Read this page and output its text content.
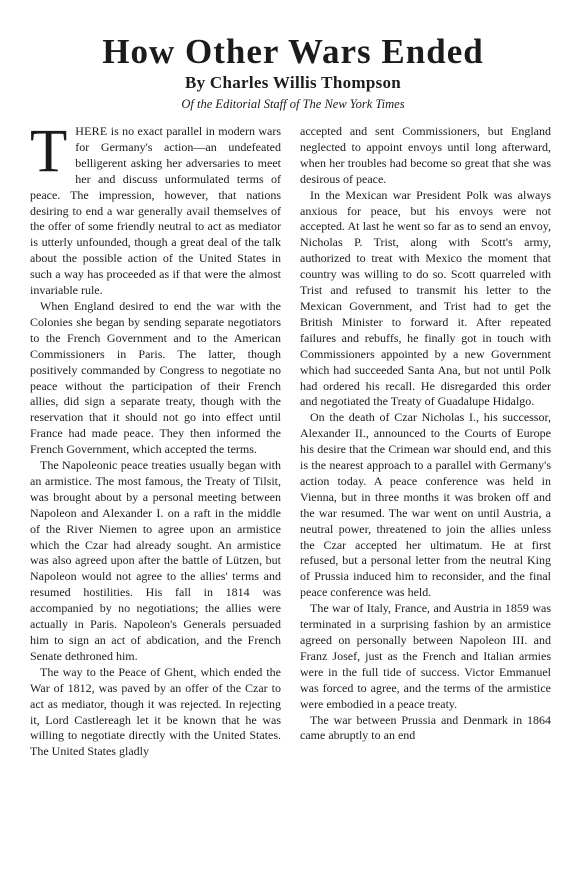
How Other Wars Ended
By Charles Willis Thompson
Of the Editorial Staff of The New York Times

THERE is no exact parallel in modern wars for Germany's action—an undefeated belligerent asking her adversaries to meet her and discuss unformulated terms of peace. The impression, however, that nations desiring to end a war generally avail themselves of the offer of some friendly neutral to act as mediator is utterly unfounded, though a great deal of the talk about the possible action of the United States in such a way has proceeded as if that were the almost invariable rule.

When England desired to end the war with the Colonies she began by sending separate negotiators to the French Government and to the American Commissioners in Paris. The latter, though positively commanded by Congress to negotiate no peace without the participation of their French allies, did sign a separate treaty, though with the reservation that it should not go into effect until France had made peace. They then informed the French Government, which accepted the terms.

The Napoleonic peace treaties usually began with an armistice. The most famous, the Treaty of Tilsit, was brought about by a personal meeting between Napoleon and Alexander I. on a raft in the middle of the River Niemen to agree upon an armistice which the Czar had already sought. An armistice was also agreed upon after the battle of Lützen, but Napoleon would not agree to the allies' terms and resumed hostilities. His fall in 1814 was accompanied by no negotiations; the allies were actually in Paris. Napoleon's Generals persuaded him to sign an act of abdication, and the French Senate dethroned him.

The way to the Peace of Ghent, which ended the War of 1812, was paved by an offer of the Czar to act as mediator, though it was rejected. In rejecting it, Lord Castlereagh let it be known that he was willing to negotiate directly with the United States. The United States gladly

accepted and sent Commissioners, but England neglected to appoint envoys until long afterward, when her troubles had become so great that she was desirous of peace.

In the Mexican war President Polk was always anxious for peace, but his envoys were not accepted. At last he went so far as to send an envoy, Nicholas P. Trist, along with Scott's army, authorized to treat with Mexico the moment that country was willing to do so. Scott quarreled with Trist and refused to transmit his letter to the Mexican Government, and Trist had to get the British Minister to forward it. After repeated failures and rebuffs, he finally got in touch with Commissioners appointed by a new Government which had succeeded Santa Ana, but not until Polk had ordered his recall. He disregarded this order and negotiated the Treaty of Guadalupe Hidalgo.

On the death of Czar Nicholas I., his successor, Alexander II., announced to the Courts of Europe his desire that the Crimean war should end, and this is the nearest approach to a parallel with Germany's action today. A peace conference was held in Vienna, but in three months it was broken off and the war resumed. The war went on until Austria, a neutral power, threatened to join the allies unless the Czar accepted her ultimatum. He at first refused, but a personal letter from the neutral King of Prussia induced him to reconsider, and the final peace conference was held.

The war of Italy, France, and Austria in 1859 was terminated in a surprising fashion by an armistice agreed on personally between Napoleon III. and Franz Josef, just as the French and Italian armies were in the full tide of success. Victor Emmanuel was forced to agree, and the terms of the armistice were embodied in a peace treaty.

The war between Prussia and Denmark in 1864 came abruptly to an end
